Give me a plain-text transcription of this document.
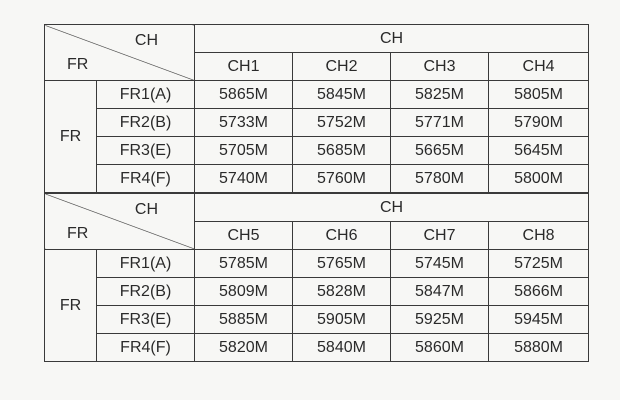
CH
FR		CH			
		CH1	CH2	CH3	CH4
FR	FR1(A)	5865M	5845M	5825M	5805M
	FR2(B)	5733M	5752M	5771M	5790M
	FR3(E)	5705M	5685M	5665M	5645M
	FR4(F)	5740M	5760M	5780M	5800M

CH
FR		CH			
		CH5	CH6	CH7	CH8
FR	FR1(A)	5785M	5765M	5745M	5725M
	FR2(B)	5809M	5828M	5847M	5866M
	FR3(E)	5885M	5905M	5925M	5945M
	FR4(F)	5820M	5840M	5860M	5880M
